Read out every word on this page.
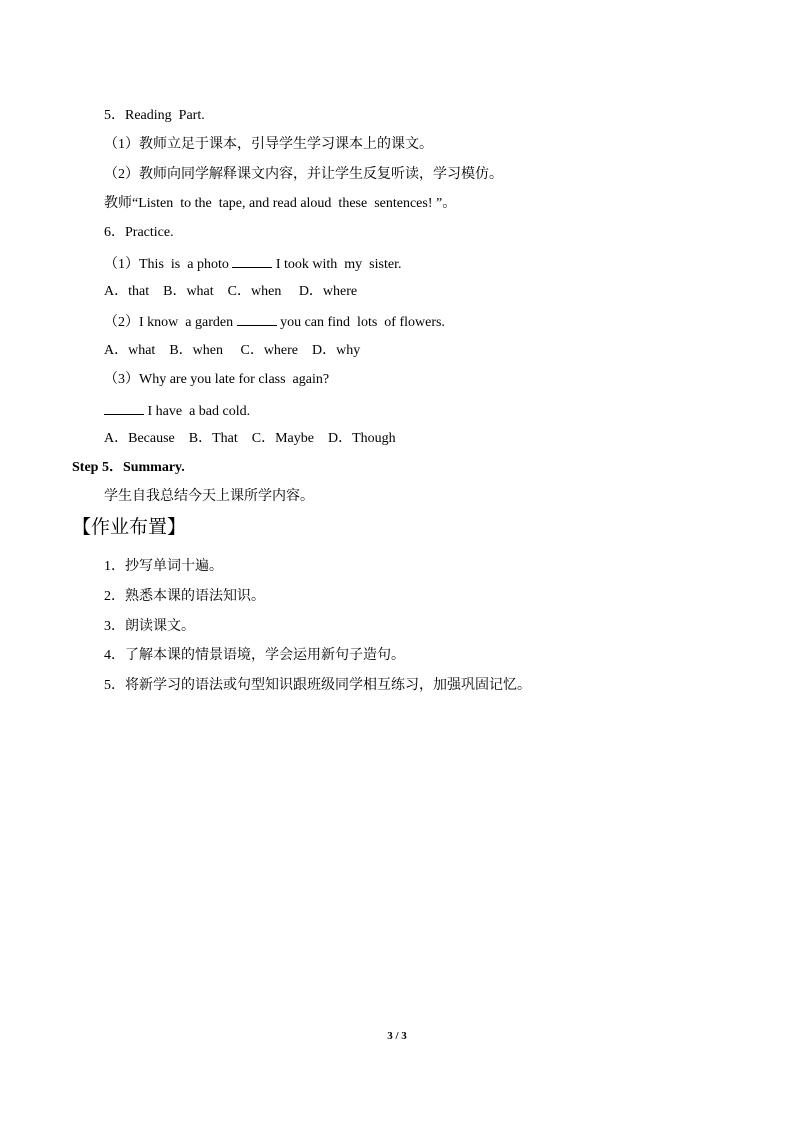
5．Reading  Part.
（1）教师立足于课本，引导学生学习课本上的课文。
（2）教师向同学解释课文内容，并让学生反复听读，学习模仿。
教师“Listen  to the  tape, and read aloud  these  sentences! ”。
6．Practice.
（1）This  is  a photo	I took with  my  sister.
A．that    B．what    C．when     D．where
（2）I know  a garden	you can find  lots  of flowers.
A．what    B．when     C．where    D．why
（3）Why are you late for class  again?
I have  a bad cold.
A．Because    B．That    C．Maybe    D．Though
Step 5．Summary.
学生自我总结今天上课所学内容。
【作业布置】
1．抄写单词十遍。
2．熟悉本课的语法知识。
3．朗读课文。
4．了解本课的情景语境，学会运用新句子造句。
5．将新学习的语法或句型知识跟班级同学相互练习，加强巩固记忆。
3 / 3
